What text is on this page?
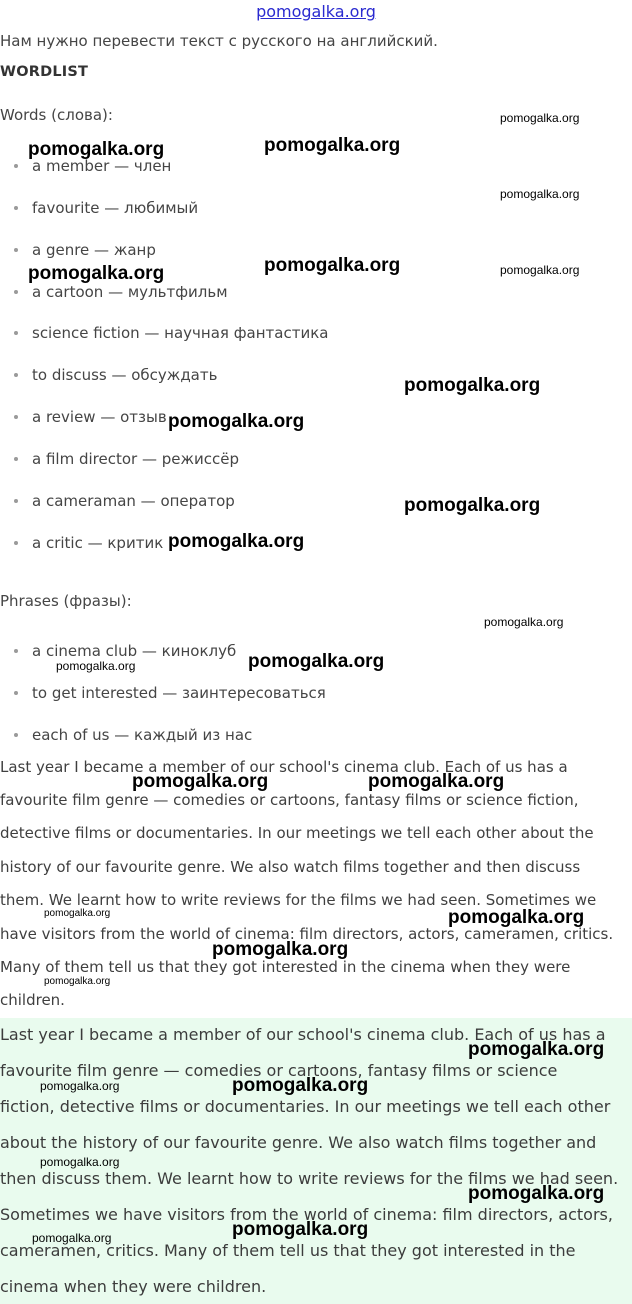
pomogalka.org
Нам нужно перевести текст с русского на английский.
WORDLIST
Words (слова):
a member — член
favourite — любимый
a genre — жанр
a cartoon — мультфильм
science fiction — научная фантастика
to discuss — обсуждать
a review — отзыв
a film director — режиссёр
a cameraman — оператор
a critic — критик
Phrases (фразы):
a cinema club — киноклуб
to get interested — заинтересоваться
each of us — каждый из нас
Last year I became a member of our school's cinema club. Each of us has a
favourite film genre — comedies or cartoons, fantasy films or science fiction,
detective films or documentaries. In our meetings we tell each other about the
history of our favourite genre. We also watch films together and then discuss
them. We learnt how to write reviews for the films we had seen. Sometimes we
have visitors from the world of cinema: film directors, actors, cameramen, critics.
Many of them tell us that they got interested in the cinema when they were
children.
Last year I became a member of our school's cinema club. Each of us has a
favourite film genre — comedies or cartoons, fantasy films or science
fiction, detective films or documentaries. In our meetings we tell each other
about the history of our favourite genre. We also watch films together and
then discuss them. We learnt how to write reviews for the films we had seen.
Sometimes we have visitors from the world of cinema: film directors, actors,
cameramen, critics. Many of them tell us that they got interested in the
cinema when they were children.
pomogalka.org	pomogalka.org
pomogalka.org
pomogalka.org
pomogalka.org	pomogalka.org	pomogalka.org
pomogalka.org
pomogalka.org
pomogalka.org
pomogalka.org
pomogalka.org
pomogalka.org	pomogalka.org
pomogalka.org	pomogalka.org
pomogalka.org	pomogalka.org
pomogalka.org
pomogalka.org
pomogalka.org
pomogalka.org	pomogalka.org
pomogalka.org
pomogalka.org
pomogalka.org
pomogalka.org
